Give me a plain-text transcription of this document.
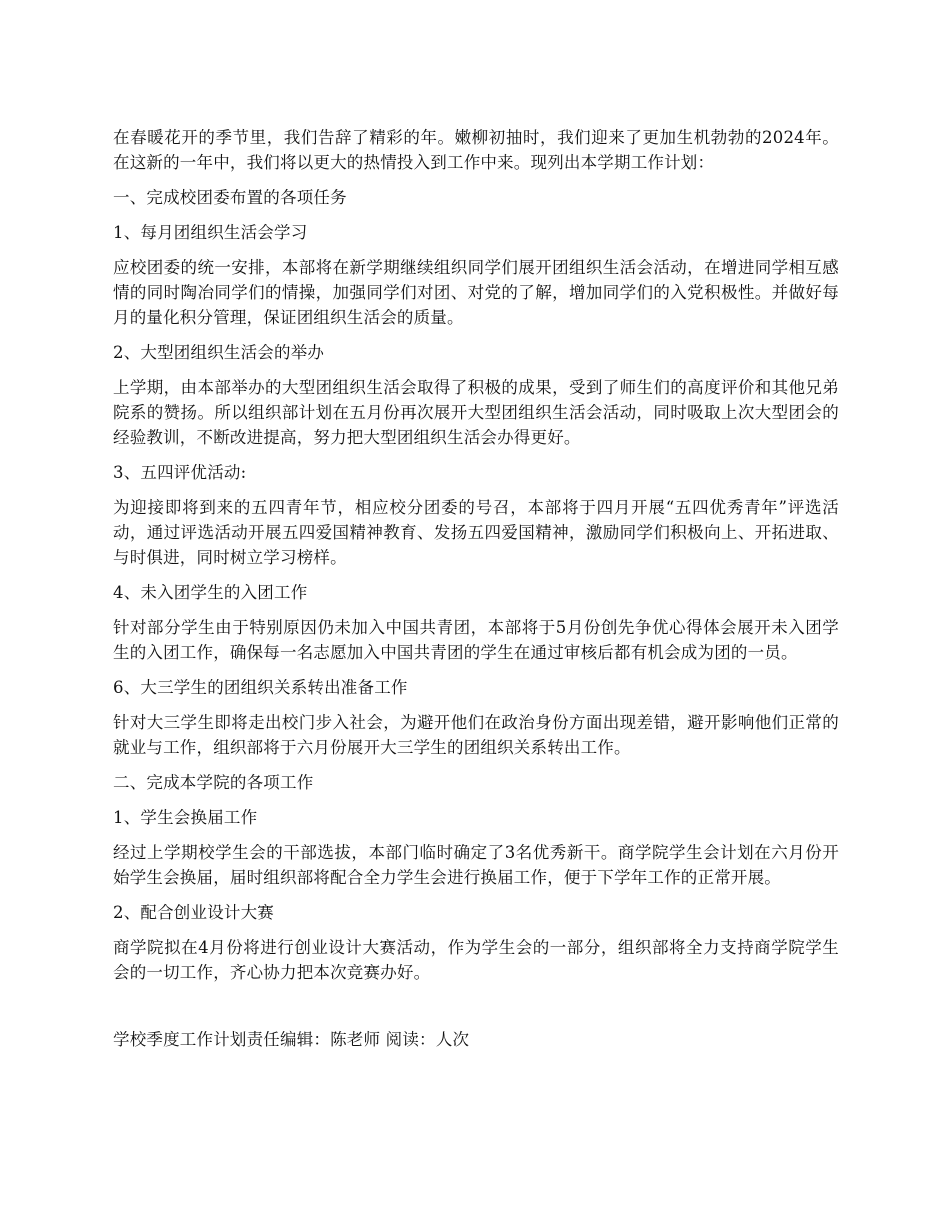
在春暖花开的季节里，我们告辞了精彩的年。嫩柳初抽时，我们迎来了更加生机勃勃的2024年。在这新的一年中，我们将以更大的热情投入到工作中来。现列出本学期工作计划：

一、完成校团委布置的各项任务

1、每月团组织生活会学习

应校团委的统一安排，本部将在新学期继续组织同学们展开团组织生活会活动，在增进同学相互感情的同时陶冶同学们的情操，加强同学们对团、对党的了解，增加同学们的入党积极性。并做好每月的量化积分管理，保证团组织生活会的质量。

2、大型团组织生活会的举办

上学期，由本部举办的大型团组织生活会取得了积极的成果，受到了师生们的高度评价和其他兄弟院系的赞扬。所以组织部计划在五月份再次展开大型团组织生活会活动，同时吸取上次大型团会的经验教训，不断改进提高，努力把大型团组织生活会办得更好。

3、五四评优活动:

为迎接即将到来的五四青年节，相应校分团委的号召，本部将于四月开展“五四优秀青年”评选活动，通过评选活动开展五四爱国精神教育、发扬五四爱国精神，激励同学们积极向上、开拓进取、与时俱进，同时树立学习榜样。

4、未入团学生的入团工作

针对部分学生由于特别原因仍未加入中国共青团，本部将于5月份创先争优心得体会展开未入团学生的入团工作，确保每一名志愿加入中国共青团的学生在通过审核后都有机会成为团的一员。

6、大三学生的团组织关系转出准备工作

针对大三学生即将走出校门步入社会，为避开他们在政治身份方面出现差错，避开影响他们正常的就业与工作，组织部将于六月份展开大三学生的团组织关系转出工作。

二、完成本学院的各项工作

1、学生会换届工作

经过上学期校学生会的干部选拔，本部门临时确定了3名优秀新干。商学院学生会计划在六月份开始学生会换届，届时组织部将配合全力学生会进行换届工作，便于下学年工作的正常开展。

2、配合创业设计大赛

商学院拟在4月份将进行创业设计大赛活动，作为学生会的一部分，组织部将全力支持商学院学生会的一切工作，齐心协力把本次竞赛办好。

学校季度工作计划责任编辑：陈老师 阅读：人次
